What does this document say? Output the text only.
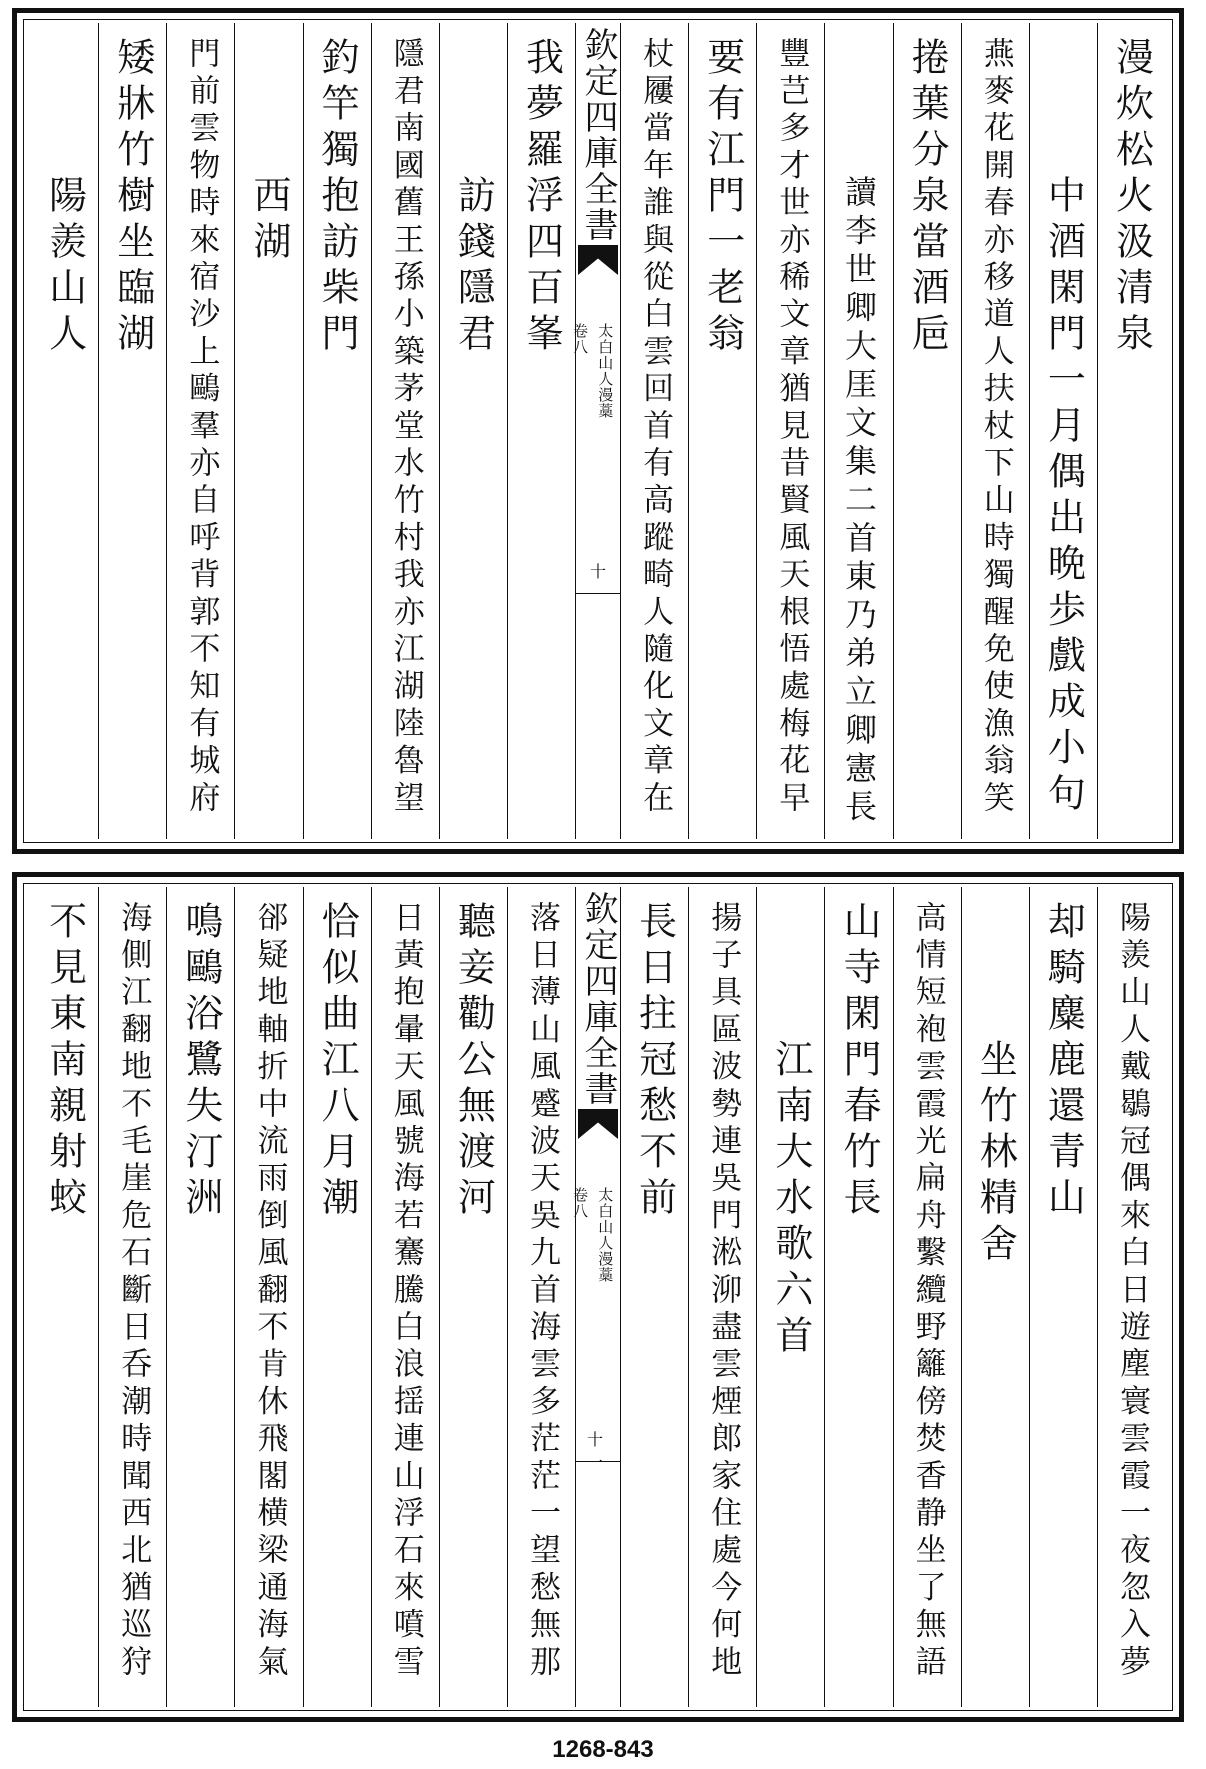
漫炊松火汲清泉
中酒閑門一月偶出晩歩戲成小句
燕麥花開春亦移道人扶杖下山時獨醒免使漁翁笑
捲葉分泉當酒巵
讀李世卿大厓文集二首東乃弟立卿憲長
豐芑多才世亦稀文章猶見昔賢風天根悟處梅花早
要有江門一老翁
杖屨當年誰與從白雲回首有高蹤畸人隨化文章在
欽定四庫全書
太白山人漫藁
卷八
十
我夢羅浮四百峯
訪錢隱君
隱君南國舊王孫小築茅堂水竹村我亦江湖陸魯望
釣竿獨抱訪柴門
西湖
門前雲物時來宿沙上鷗羣亦自呼背郭不知有城府
矮牀竹樹坐臨湖
陽羨山人
陽羨山人戴鶡冠偶來白日遊塵寰雲霞一夜忽入夢
却騎麋鹿還青山
坐竹林精舍
高情短袍雲霞光扁舟繫纜野籬傍焚香静坐了無語
山寺閑門春竹長
江南大水歌六首
揚子具區波勢連吳門淞泖盡雲煙郎家住處今何地
長日拄冠愁不前
欽定四庫全書
太白山人漫藁
卷八
十一
落日薄山風蹙波天吳九首海雲多茫茫一望愁無那
聽妾勸公無渡河
日黃抱暈天風號海若騫騰白浪揺連山浮石來噴雪
恰似曲江八月潮
郤疑地軸折中流雨倒風翻不肯休飛閣横梁通海氣
鳴鷗浴鷺失汀洲
海側江翻地不毛崖危石斷日呑潮時聞西北猶巡狩
不見東南親射蛟
1268-843
